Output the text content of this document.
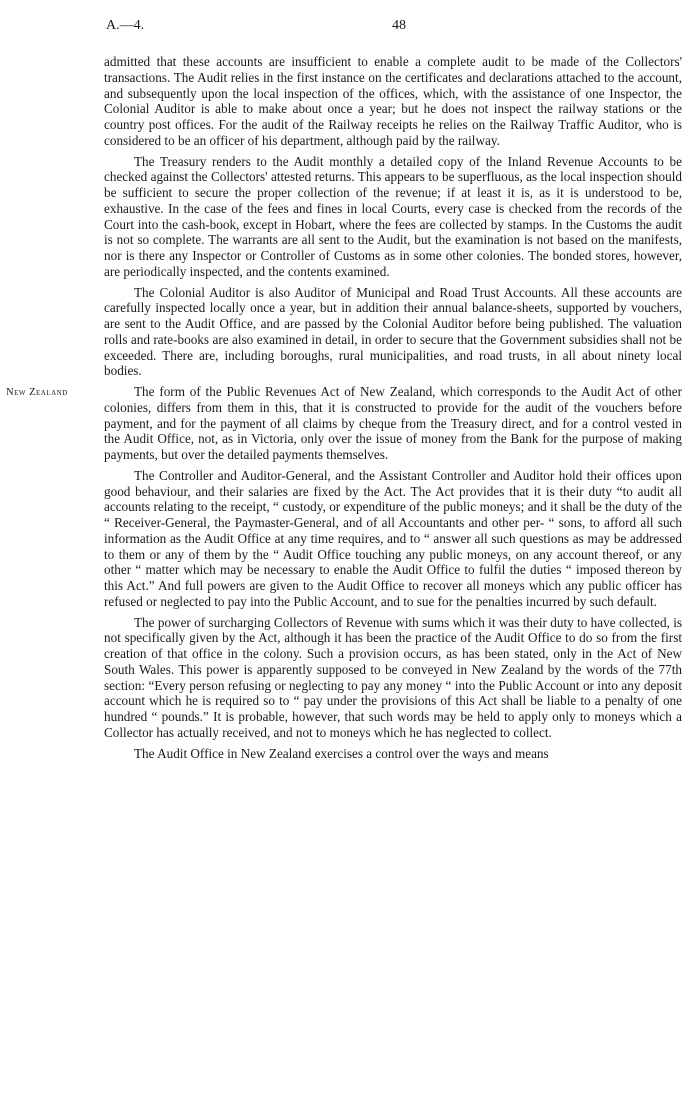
A.—4.	48

admitted that these accounts are insufficient to enable a complete audit to be made of the Collectors' transactions. The Audit relies in the first instance on the certificates and declarations attached to the account, and subsequently upon the local inspection of the offices, which, with the assistance of one Inspector, the Colonial Auditor is able to make about once a year; but he does not inspect the railway stations or the country post offices. For the audit of the Railway receipts he relies on the Railway Traffic Auditor, who is considered to be an officer of his department, although paid by the railway.

The Treasury renders to the Audit monthly a detailed copy of the Inland Revenue Accounts to be checked against the Collectors' attested returns. This appears to be superfluous, as the local inspection should be sufficient to secure the proper collection of the revenue; if at least it is, as it is understood to be, exhaustive. In the case of the fees and fines in local Courts, every case is checked from the records of the Court into the cash-book, except in Hobart, where the fees are collected by stamps. In the Customs the audit is not so complete. The warrants are all sent to the Audit, but the examination is not based on the manifests, nor is there any Inspector or Controller of Customs as in some other colonies. The bonded stores, however, are periodically inspected, and the contents examined.

The Colonial Auditor is also Auditor of Municipal and Road Trust Accounts. All these accounts are carefully inspected locally once a year, but in addition their annual balance-sheets, supported by vouchers, are sent to the Audit Office, and are passed by the Colonial Auditor before being published. The valuation rolls and rate-books are also examined in detail, in order to secure that the Government subsidies shall not be exceeded. There are, including boroughs, rural municipalities, and road trusts, in all about ninety local bodies.

New Zealand	The form of the Public Revenues Act of New Zealand, which corresponds to the Audit Act of other colonies, differs from them in this, that it is constructed to provide for the audit of the vouchers before payment, and for the payment of all claims by cheque from the Treasury direct, and for a control vested in the Audit Office, not, as in Victoria, only over the issue of money from the Bank for the purpose of making payments, but over the detailed payments themselves.

The Controller and Auditor-General, and the Assistant Controller and Auditor hold their offices upon good behaviour, and their salaries are fixed by the Act. The Act provides that it is their duty “to audit all accounts relating to the receipt, “ custody, or expenditure of the public moneys; and it shall be the duty of the “ Receiver-General, the Paymaster-General, and of all Accountants and other per- “ sons, to afford all such information as the Audit Office at any time requires, and to “ answer all such questions as may be addressed to them or any of them by the “ Audit Office touching any public moneys, on any account thereof, or any other “ matter which may be necessary to enable the Audit Office to fulfil the duties “ imposed thereon by this Act.” And full powers are given to the Audit Office to recover all moneys which any public officer has refused or neglected to pay into the Public Account, and to sue for the penalties incurred by such default.

The power of surcharging Collectors of Revenue with sums which it was their duty to have collected, is not specifically given by the Act, although it has been the practice of the Audit Office to do so from the first creation of that office in the colony. Such a provision occurs, as has been stated, only in the Act of New South Wales. This power is apparently supposed to be conveyed in New Zealand by the words of the 77th section: “Every person refusing or neglecting to pay any money “ into the Public Account or into any deposit account which he is required so to “ pay under the provisions of this Act shall be liable to a penalty of one hundred “ pounds.” It is probable, however, that such words may be held to apply only to moneys which a Collector has actually received, and not to moneys which he has neglected to collect.

The Audit Office in New Zealand exercises a control over the ways and means
